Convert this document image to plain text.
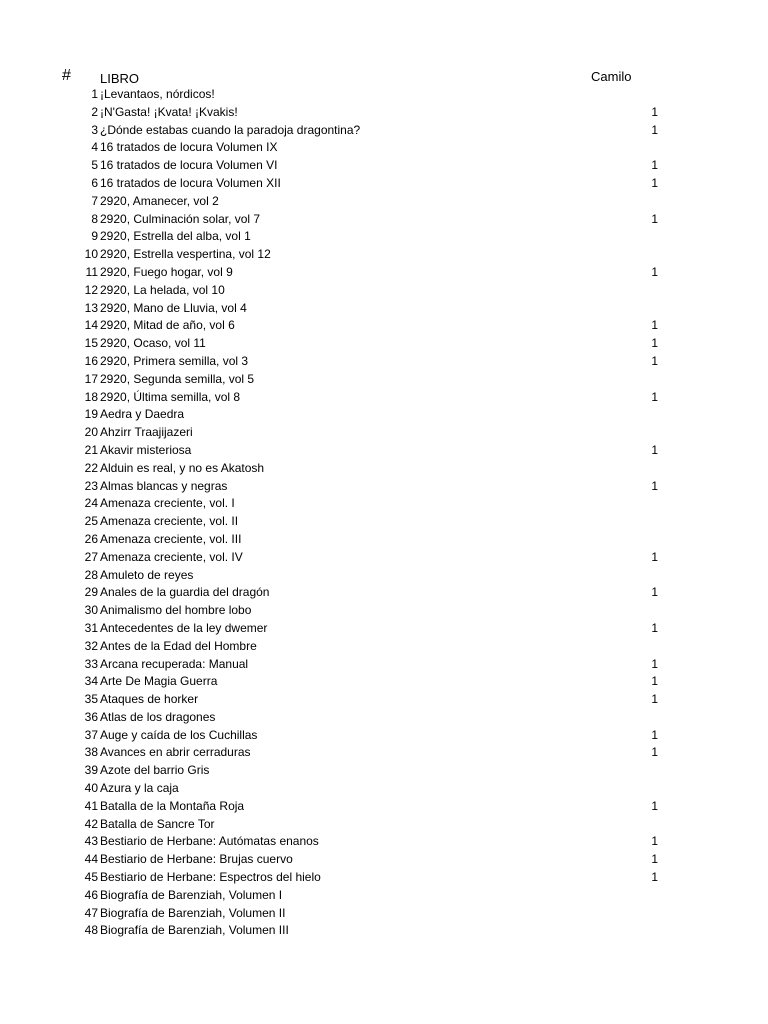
# LIBRO	Camilo
1 ¡Levantaos, nórdicos!
2 ¡N'Gasta! ¡Kvata! ¡Kvakis!	1
3 ¿Dónde estabas cuando la paradoja dragontina?	1
4 16 tratados de locura Volumen IX
5 16 tratados de locura Volumen VI	1
6 16 tratados de locura Volumen XII	1
7 2920, Amanecer, vol 2
8 2920, Culminación solar, vol 7	1
9 2920, Estrella del alba, vol 1
10 2920, Estrella vespertina, vol 12
11 2920, Fuego hogar, vol 9	1
12 2920, La helada, vol 10
13 2920, Mano de Lluvia, vol 4
14 2920, Mitad de año, vol 6	1
15 2920, Ocaso, vol 11	1
16 2920, Primera semilla, vol 3	1
17 2920, Segunda semilla, vol 5
18 2920, Última semilla, vol 8	1
19 Aedra y Daedra
20 Ahzirr Traajijazeri
21 Akavir misteriosa	1
22 Alduin es real, y no es Akatosh
23 Almas blancas y negras	1
24 Amenaza creciente, vol. I
25 Amenaza creciente, vol. II
26 Amenaza creciente, vol. III
27 Amenaza creciente, vol. IV	1
28 Amuleto de reyes
29 Anales de la guardia del dragón	1
30 Animalismo del hombre lobo
31 Antecedentes de la ley dwemer	1
32 Antes de la Edad del Hombre
33 Arcana recuperada: Manual	1
34 Arte De Magia Guerra	1
35 Ataques de horker	1
36 Atlas de los dragones
37 Auge y caída de los Cuchillas	1
38 Avances en abrir cerraduras	1
39 Azote del barrio Gris
40 Azura y la caja
41 Batalla de la Montaña Roja	1
42 Batalla de Sancre Tor
43 Bestiario de Herbane: Autómatas enanos	1
44 Bestiario de Herbane: Brujas cuervo	1
45 Bestiario de Herbane: Espectros del hielo	1
46 Biografía de Barenziah, Volumen I
47 Biografía de Barenziah, Volumen II
48 Biografía de Barenziah, Volumen III
